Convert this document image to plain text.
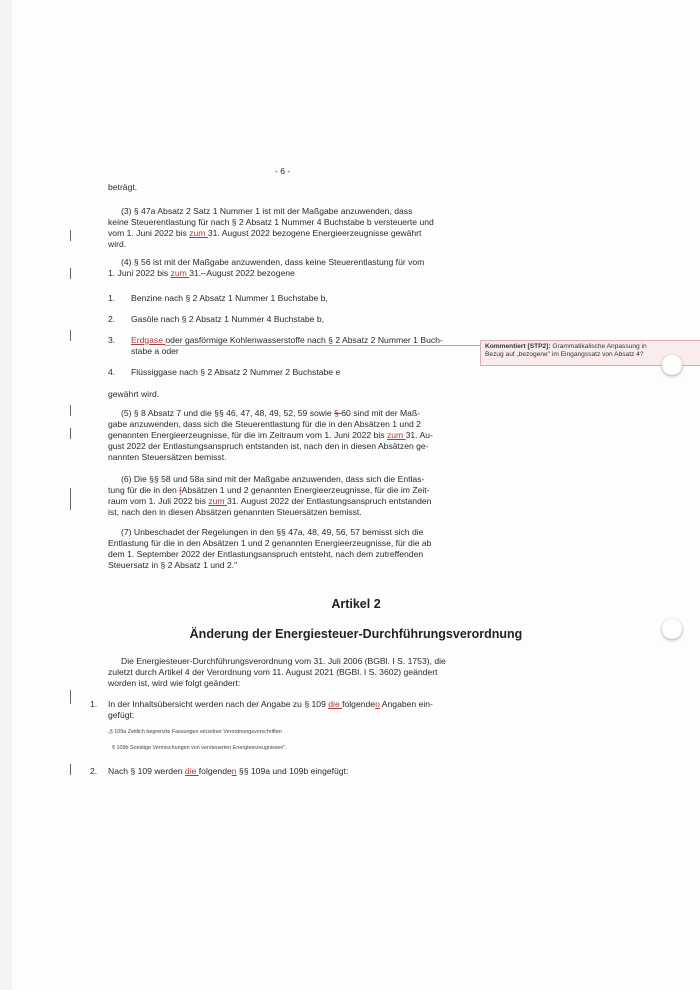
- 6 -
beträgt.
(3) § 47a Absatz 2 Satz 1 Nummer 1 ist mit der Maßgabe anzuwenden, dass
keine Steuerentlastung für nach § 2 Absatz 1 Nummer 4 Buchstabe b versteuerte und
vom 1. Juni 2022 bis zum 31. August 2022 bezogene Energieerzeugnisse gewährt
wird.
(4) § 56 ist mit der Maßgabe anzuwenden, dass keine Steuerentlastung für vom
1. Juni 2022 bis zum 31. -August 2022 bezogene
1. Benzine nach § 2 Absatz 1 Nummer 1 Buchstabe b,
2. Gasöle nach § 2 Absatz 1 Nummer 4 Buchstabe b,
3. Erdgase oder gasförmige Kohlenwasserstoffe nach § 2 Absatz 2 Nummer 1 Buch-
stabe a oder
4. Flüssiggase nach § 2 Absatz 2 Nummer 2 Buchstabe e
gewährt wird.
(5) § 8 Absatz 7 und die §§ 46, 47, 48, 49, 52, 59 sowie § 60 sind mit der Maß-
gabe anzuwenden, dass sich die Steuerentlastung für die in den Absätzen 1 und 2
genannten Energieerzeugnisse, für die im Zeitraum vom 1. Juni 2022 bis zum 31. Au-
gust 2022 der Entlastungsanspruch entstanden ist, nach den in diesen Absätzen ge-
nannten Steuersätzen bemisst.
(6) Die §§ 58 und 58a sind mit der Maßgabe anzuwenden, dass sich die Entlas-
tung für die in den [Absätzen 1 und 2 genannten Energieerzeugnisse, für die im Zeit-
raum vom 1. Juli 2022 bis zum 31. August 2022 der Entlastungsanspruch entstanden
ist, nach den in diesen Absätzen genannten Steuersätzen bemisst.
(7) Unbeschadet der Regelungen in den §§ 47a, 48, 49, 56, 57 bemisst sich die
Entlastung für die in den Absätzen 1 und 2 genannten Energieerzeugnisse, für die ab
dem 1. September 2022 der Entlastungsanspruch entsteht, nach dem zutreffenden
Steuersatz in § 2 Absatz 1 und 2."
Artikel 2
Änderung der Energiesteuer-Durchführungsverordnung
Die Energiesteuer-Durchführungsverordnung vom 31. Juli 2006 (BGBl. I S. 1753), die
zuletzt durch Artikel 4 der Verordnung vom 11. August 2021 (BGBl. I S. 3602) geändert
worden ist, wird wie folgt geändert:
1. In der Inhaltsübersicht werden nach der Angabe zu § 109 die folgenden Angaben ein-
gefügt:
„§ 109a Zeitlich begrenzte Fassungen einzelner Verordnungsvorschriften
§ 109b Sonstige Vermischungen von versteuerten Energieerzeugnissen".
2. Nach § 109 werden die folgenden §§ 109a und 109b eingefügt:
Kommentiert [STP2]: Grammatikalische Anpassung in
Bezug auf „bezogene" im Eingangssatz von Absatz 4?
